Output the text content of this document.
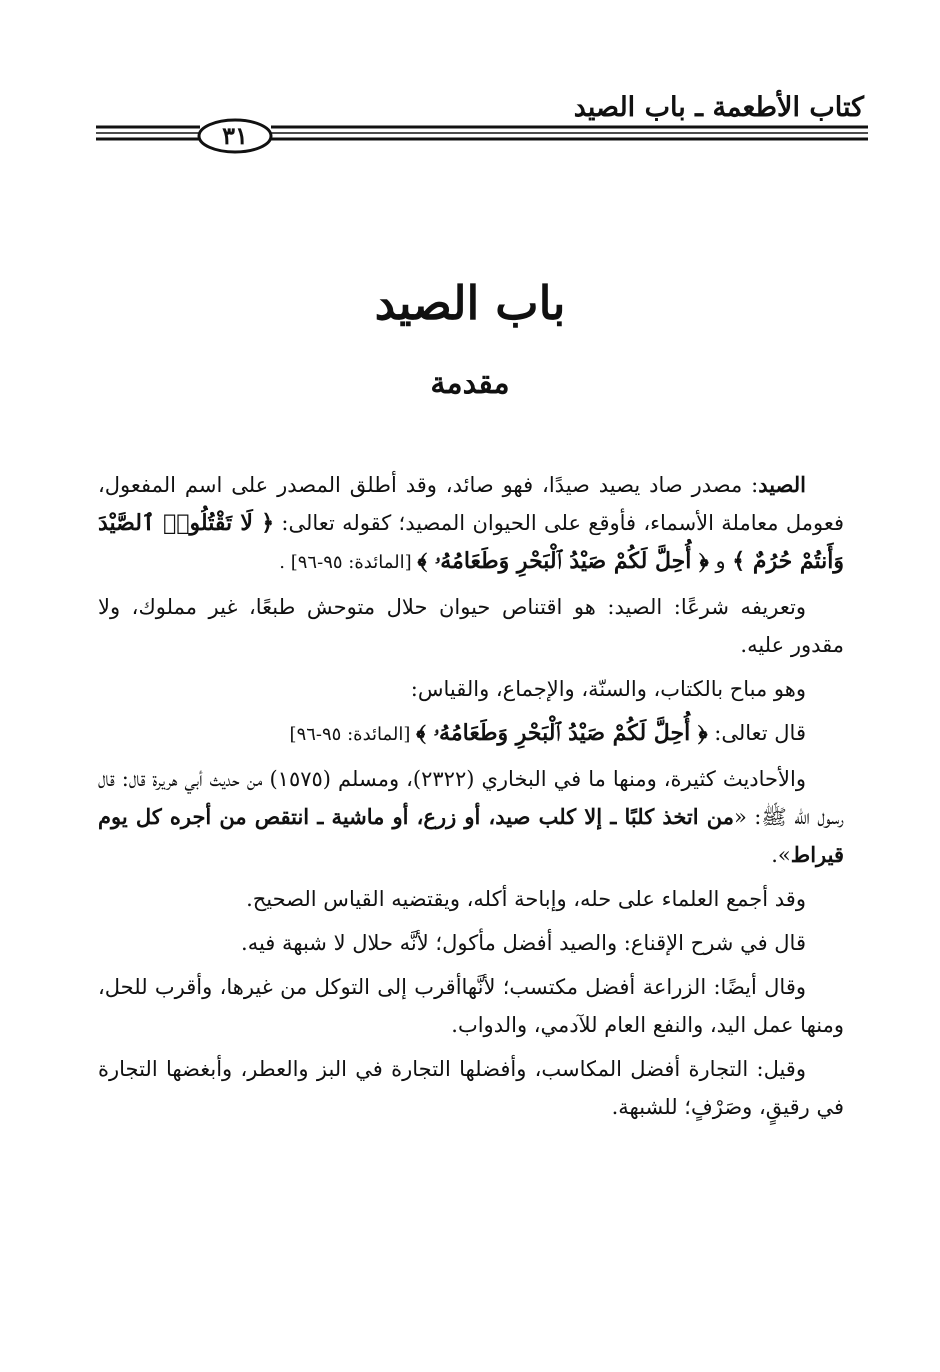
كتاب الأطعمة ـ باب الصيد
٣١
باب الصيد
مقدمة

الصيد: مصدر صاد يصيد صيدًا، فهو صائد، وقد أطلق المصدر على اسم المفعول، فعومل معاملة الأسماء، فأوقع على الحيوان المصيد؛ كقوله تعالى: ﴿ لَا تَقْتُلُوا۟ ٱلصَّيْدَ وَأَنتُمْ حُرُمٌ ﴾ و ﴿ أُحِلَّ لَكُمْ صَيْدُ ٱلْبَحْرِ وَطَعَامُهُۥ ﴾ [المائدة: ٩٥-٩٦] .

وتعريفه شرعًا: الصيد: هو اقتناص حيوان حلال متوحش طبعًا، غير مملوك، ولا مقدور عليه.

وهو مباح بالكتاب، والسنّة، والإجماع، والقياس:

قال تعالى: ﴿ أُحِلَّ لَكُمْ صَيْدُ ٱلْبَحْرِ وَطَعَامُهُۥ ﴾ [المائدة: ٩٥-٩٦]

والأحاديث كثيرة، ومنها ما في البخاري (٢٣٢٢)، ومسلم (١٥٧٥) من حديث أبي هريرة قال: قال رسول الله ﷺ: «من اتخذ كلبًا ـ إلا كلب صيد، أو زرع، أو ماشية ـ انتقص من أجره كل يوم قيراط».

وقد أجمع العلماء على حله، وإباحة أكله، ويقتضيه القياس الصحيح.

قال في شرح الإقناع: والصيد أفضل مأكول؛ لأنَّه حلال لا شبهة فيه.

وقال أيضًا: الزراعة أفضل مكتسب؛ لأنَّهاأقرب إلى التوكل من غيرها، وأقرب للحل، ومنها عمل اليد، والنفع العام للآدمي، والدواب.

وقيل: التجارة أفضل المكاسب، وأفضلها التجارة في البز والعطر، وأبغضها التجارة في رقيقٍ، وصَرْفٍ؛ للشبهة.
